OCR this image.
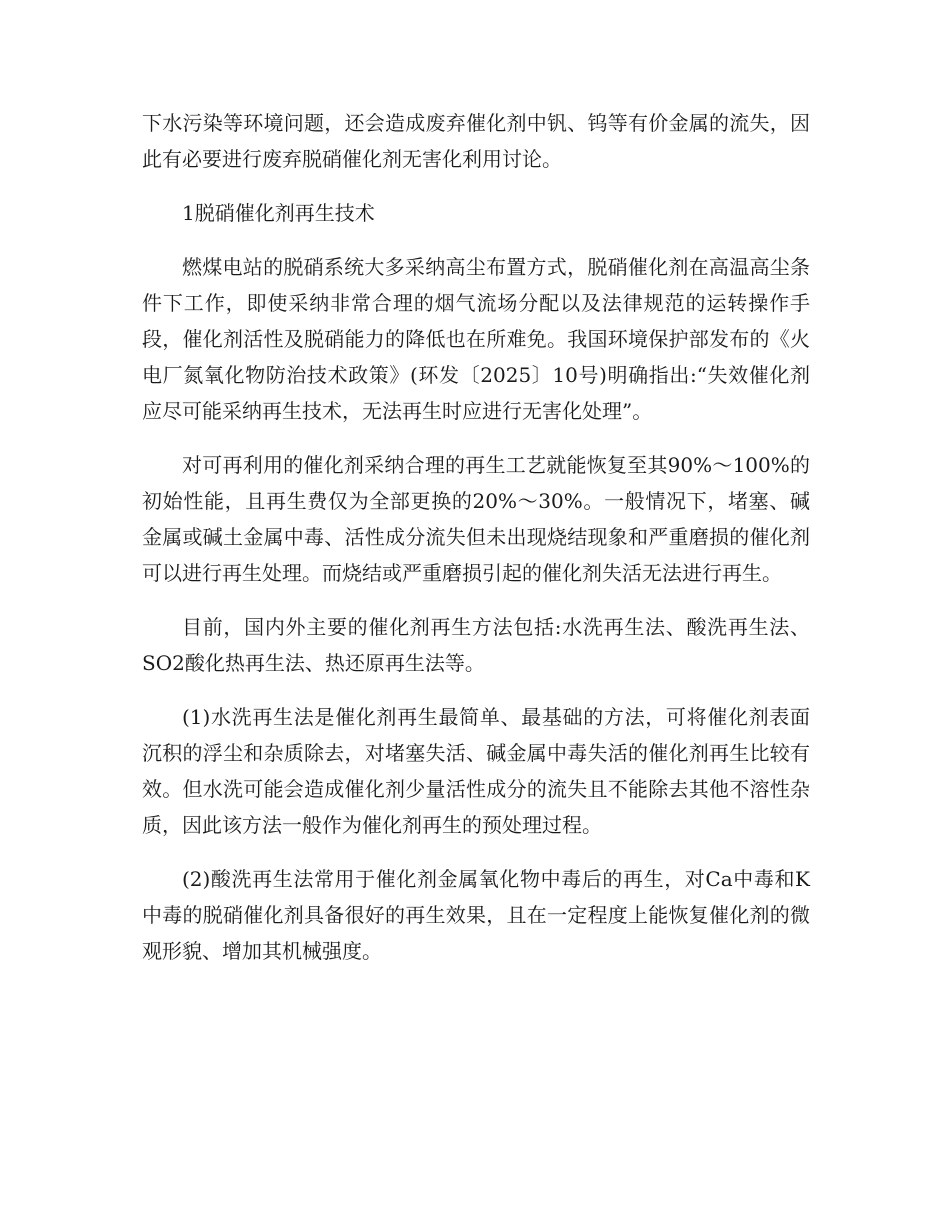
下水污染等环境问题，还会造成废弃催化剂中钒、钨等有价金属的流失，因此有必要进行废弃脱硝催化剂无害化利用讨论。

1脱硝催化剂再生技术

燃煤电站的脱硝系统大多采纳高尘布置方式，脱硝催化剂在高温高尘条件下工作，即使采纳非常合理的烟气流场分配以及法律规范的运转操作手段，催化剂活性及脱硝能力的降低也在所难免。我国环境保护部发布的《火电厂氮氧化物防治技术政策》(环发〔2025〕10号)明确指出:“失效催化剂应尽可能采纳再生技术，无法再生时应进行无害化处理”。

对可再利用的催化剂采纳合理的再生工艺就能恢复至其90%～100%的初始性能，且再生费仅为全部更换的20%～30%。一般情况下，堵塞、碱金属或碱土金属中毒、活性成分流失但未出现烧结现象和严重磨损的催化剂可以进行再生处理。而烧结或严重磨损引起的催化剂失活无法进行再生。

目前，国内外主要的催化剂再生方法包括:水洗再生法、酸洗再生法、SO2酸化热再生法、热还原再生法等。

(1)水洗再生法是催化剂再生最简单、最基础的方法，可将催化剂表面沉积的浮尘和杂质除去，对堵塞失活、碱金属中毒失活的催化剂再生比较有效。但水洗可能会造成催化剂少量活性成分的流失且不能除去其他不溶性杂质，因此该方法一般作为催化剂再生的预处理过程。

(2)酸洗再生法常用于催化剂金属氧化物中毒后的再生，对Ca中毒和K中毒的脱硝催化剂具备很好的再生效果，且在一定程度上能恢复催化剂的微观形貌、增加其机械强度。
